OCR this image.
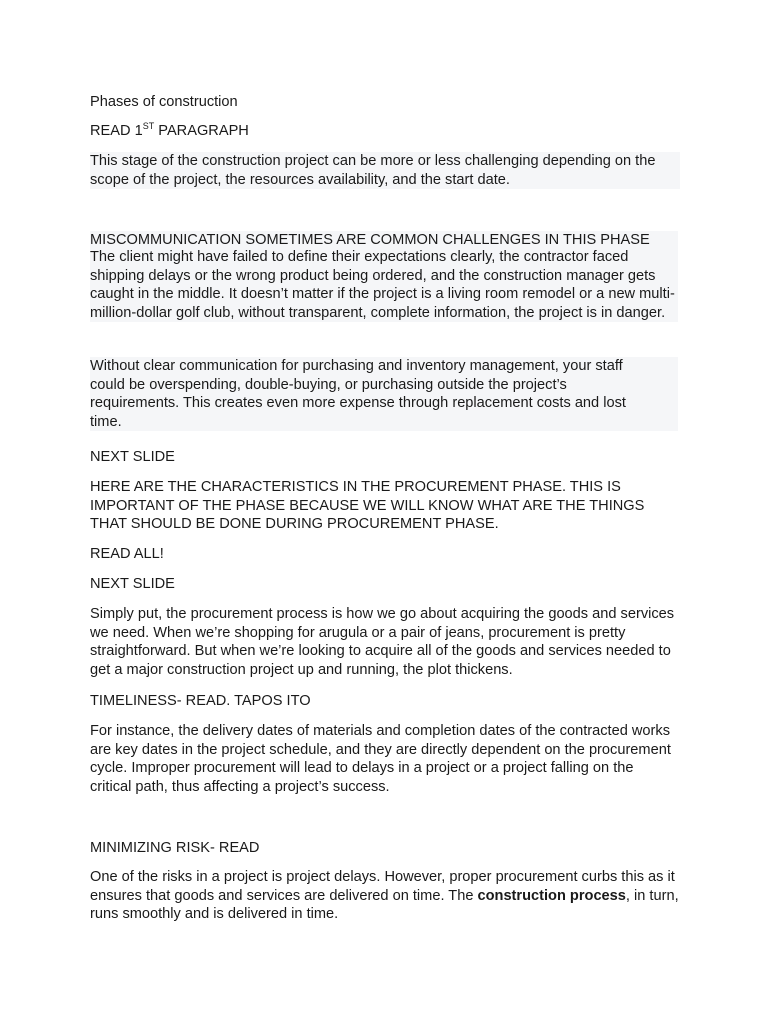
Phases of construction

READ 1ST PARAGRAPH

This stage of the construction project can be more or less challenging depending on the scope of the project, the resources availability, and the start date.

MISCOMMUNICATION SOMETIMES ARE COMMON CHALLENGES IN THIS PHASE

The client might have failed to define their expectations clearly, the contractor faced shipping delays or the wrong product being ordered, and the construction manager gets caught in the middle. It doesn’t matter if the project is a living room remodel or a new multi-million-dollar golf club, without transparent, complete information, the project is in danger.

Without clear communication for purchasing and inventory management, your staff could be overspending, double-buying, or purchasing outside the project’s requirements. This creates even more expense through replacement costs and lost time.

NEXT SLIDE

HERE ARE THE CHARACTERISTICS IN THE PROCUREMENT PHASE. THIS IS IMPORTANT OF THE PHASE BECAUSE WE WILL KNOW WHAT ARE THE THINGS THAT SHOULD BE DONE DURING PROCUREMENT PHASE.

READ ALL!

NEXT SLIDE

Simply put, the procurement process is how we go about acquiring the goods and services we need. When we’re shopping for arugula or a pair of jeans, procurement is pretty straightforward. But when we’re looking to acquire all of the goods and services needed to get a major construction project up and running, the plot thickens.

TIMELINESS- READ. TAPOS ITO

For instance, the delivery dates of materials and completion dates of the contracted works are key dates in the project schedule, and they are directly dependent on the procurement cycle. Improper procurement will lead to delays in a project or a project falling on the critical path, thus affecting a project’s success.

MINIMIZING RISK- READ

One of the risks in a project is project delays. However, proper procurement curbs this as it ensures that goods and services are delivered on time. The construction process, in turn, runs smoothly and is delivered in time.
